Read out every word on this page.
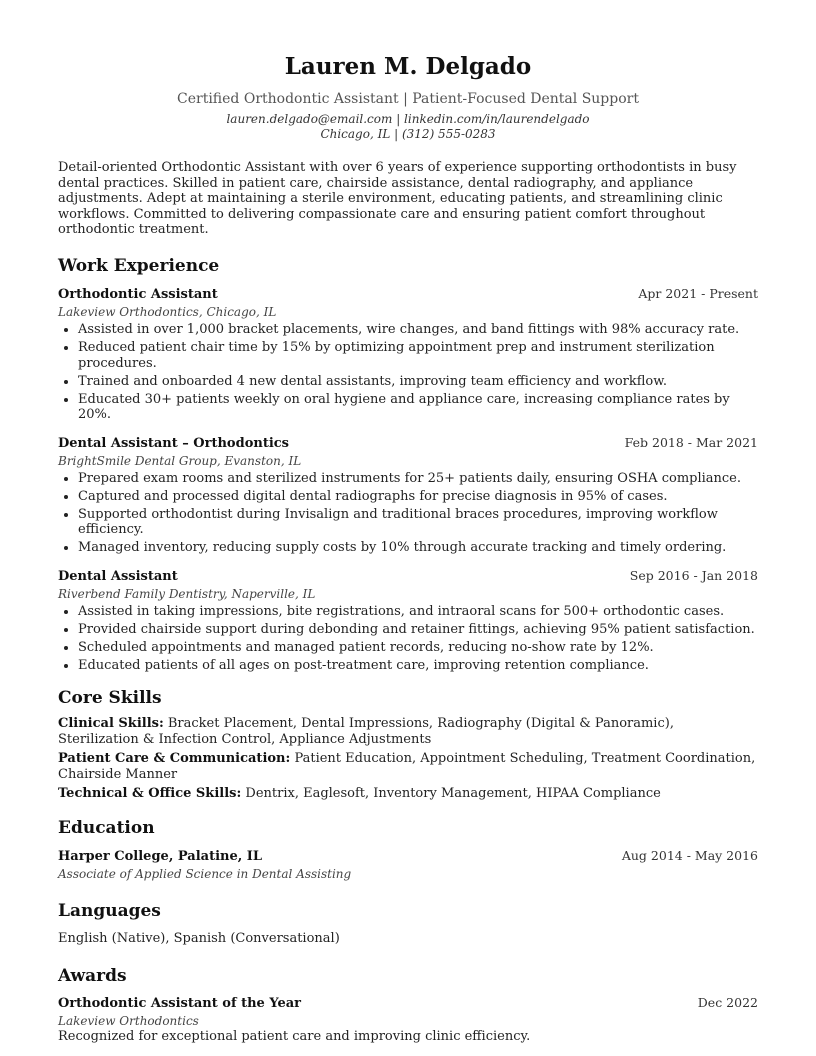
Lauren M. Delgado
Certified Orthodontic Assistant | Patient-Focused Dental Support
lauren.delgado@email.com | linkedin.com/in/laurendelgado
Chicago, IL | (312) 555-0283
Detail-oriented Orthodontic Assistant with over 6 years of experience supporting orthodontists in busy dental practices. Skilled in patient care, chairside assistance, dental radiography, and appliance adjustments. Adept at maintaining a sterile environment, educating patients, and streamlining clinic workflows. Committed to delivering compassionate care and ensuring patient comfort throughout orthodontic treatment.
Work Experience
Orthodontic Assistant	Apr 2021 - Present
Lakeview Orthodontics, Chicago, IL
• Assisted in over 1,000 bracket placements, wire changes, and band fittings with 98% accuracy rate.
• Reduced patient chair time by 15% by optimizing appointment prep and instrument sterilization procedures.
• Trained and onboarded 4 new dental assistants, improving team efficiency and workflow.
• Educated 30+ patients weekly on oral hygiene and appliance care, increasing compliance rates by 20%.
Dental Assistant – Orthodontics	Feb 2018 - Mar 2021
BrightSmile Dental Group, Evanston, IL
• Prepared exam rooms and sterilized instruments for 25+ patients daily, ensuring OSHA compliance.
• Captured and processed digital dental radiographs for precise diagnosis in 95% of cases.
• Supported orthodontist during Invisalign and traditional braces procedures, improving workflow efficiency.
• Managed inventory, reducing supply costs by 10% through accurate tracking and timely ordering.
Dental Assistant	Sep 2016 - Jan 2018
Riverbend Family Dentistry, Naperville, IL
• Assisted in taking impressions, bite registrations, and intraoral scans for 500+ orthodontic cases.
• Provided chairside support during debonding and retainer fittings, achieving 95% patient satisfaction.
• Scheduled appointments and managed patient records, reducing no-show rate by 12%.
• Educated patients of all ages on post-treatment care, improving retention compliance.
Core Skills
Clinical Skills: Bracket Placement, Dental Impressions, Radiography (Digital & Panoramic), Sterilization & Infection Control, Appliance Adjustments
Patient Care & Communication: Patient Education, Appointment Scheduling, Treatment Coordination, Chairside Manner
Technical & Office Skills: Dentrix, Eaglesoft, Inventory Management, HIPAA Compliance
Education
Harper College, Palatine, IL	Aug 2014 - May 2016
Associate of Applied Science in Dental Assisting
Languages
English (Native), Spanish (Conversational)
Awards
Orthodontic Assistant of the Year	Dec 2022
Lakeview Orthodontics
Recognized for exceptional patient care and improving clinic efficiency.
